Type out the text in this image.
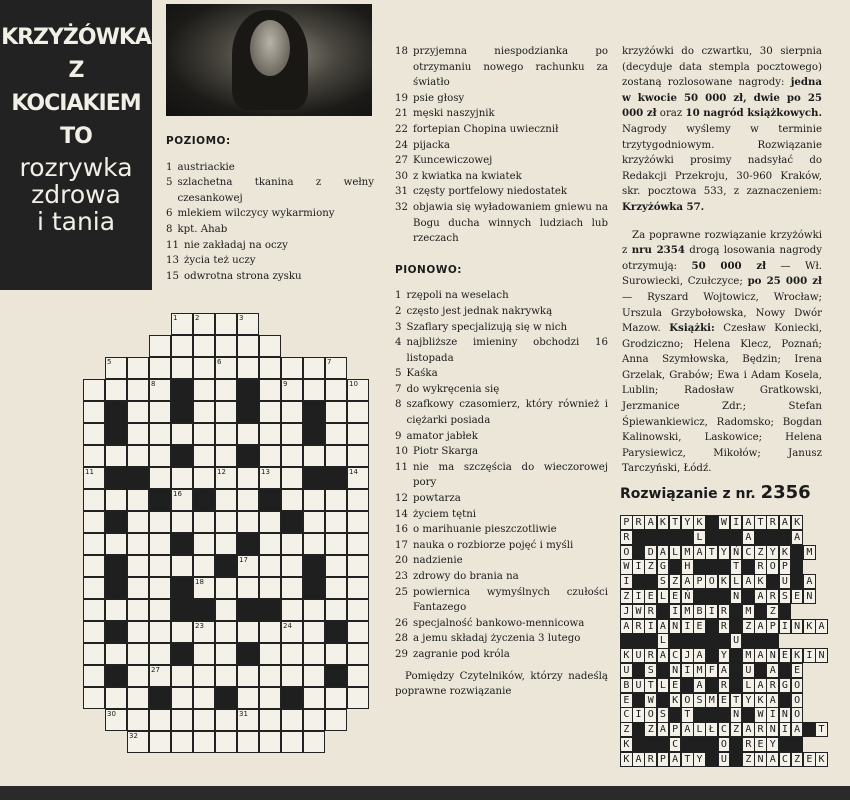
KRZYŻÓWKA
Z
KOCIAKIEM
TO
rozrywka
zdrowa
i tania
POZIOMO:
1 austriackie
5 szlachetna tkanina z wełny czesankowej
6 mlekiem wilczycy wykarmiony
8 kpt. Ahab
11 nie zakładaj na oczy
13 życia też uczy
15 odwrotna strona zysku
18 przyjemna niespodzianka po otrzymaniu nowego rachunku za światło
19 psie głosy
21 męski naszyjnik
22 fortepian Chopina uwiecznił
24 pijacka
27 Kuncewiczowej
30 z kwiatka na kwiatek
31 częsty portfelowy niedostatek
32 objawia się wyładowaniem gniewu na Bogu ducha winnych ludziach lub rzeczach
PIONOWO:
1 rzępoli na weselach
2 często jest jednak nakrywką
3 Szaflary specjalizują się w nich
4 najbliższe imieniny obchodzi 16 listopada
5 Kaśka
7 do wykręcenia się
8 szafkowy czasomierz, który również i ciężarki posiada
9 amator jabłek
10 Piotr Skarga
11 nie ma szczęścia do wieczorowej pory
12 powtarza
14 życiem tętni
16 o marihuanie pieszczotliwie
17 nauka o rozbiorze pojęć i myśli
20 nadzienie
23 zdrowy do brania na
25 powiernica wymyślnych czułości Fantazego
26 specjalność bankowo-mennicowa
28 a jemu składaj życzenia 3 lutego
29 zagranie pod króla
Pomiędzy Czytelników, którzy nadeślą poprawne rozwiązanie
krzyżówki do czwartku, 30 sierpnia (decyduje data stempla pocztowego) zostaną rozlosowane nagrody: jedna w kwocie 50 000 zł, dwie po 25 000 zł oraz 10 nagród książkowych. Nagrody wyślemy w terminie trzytygodniowym. Rozwiązanie krzyżówki prosimy nadsyłać do Redakcji Przekroju, 30-960 Kraków, skr. pocztowa 533, z zaznaczeniem: Krzyżówka 57.
Za poprawne rozwiązanie krzyżówki z nru 2354 drogą losowania nagrody otrzymują: 50 000 zł — Wł. Surowiecki, Czułczyce; po 25 000 zł — Ryszard Wojtowicz, Wrocław; Urszula Grzybołowska, Nowy Dwór Mazow. Książki: Czesław Koniecki, Grodziczno; Helena Klecz, Poznań; Anna Szymłowska, Będzin; Irena Grzelak, Grabów; Ewa i Adam Kosela, Lublin; Radosław Gratkowski, Jerzmanice Zdr.; Stefan Śpiewankiewicz, Radomsko; Bogdan Kalinowski, Laskowice; Helena Parysiewicz, Mikołów; Janusz Tarczyński, Łódź.
Rozwiązanie z nr. 2356
1	2	3
5	6	7
8	9	10
11	12	13	14
16
17
18
23	24
27
30	31
32
P R A K T Y K	W I A T R A K
R	L	A	A
O	D A L M A T Y Ń C Z Y K	M
W I Z G	H	T	R O P
I	S Z A P O K L A K	U	A
Z I E L E Ń	N	A R S E N
J W R	I M B I R	M	Z
A R I A N I E	R	Z A P I N K A
L	U
K U R A C J A	Y	M A N E K I N
U	S	N I M F A	U	A	E
B U T L E	A	R	L A R G O
E	W	K O S M E T Y K A	O
C I O S	T	N	W I N O
Z	Z A P A L Ł C Z A R N I A	T
K	C	O	R E Y
K A R P A T Y	U	Z N A C Z E K
